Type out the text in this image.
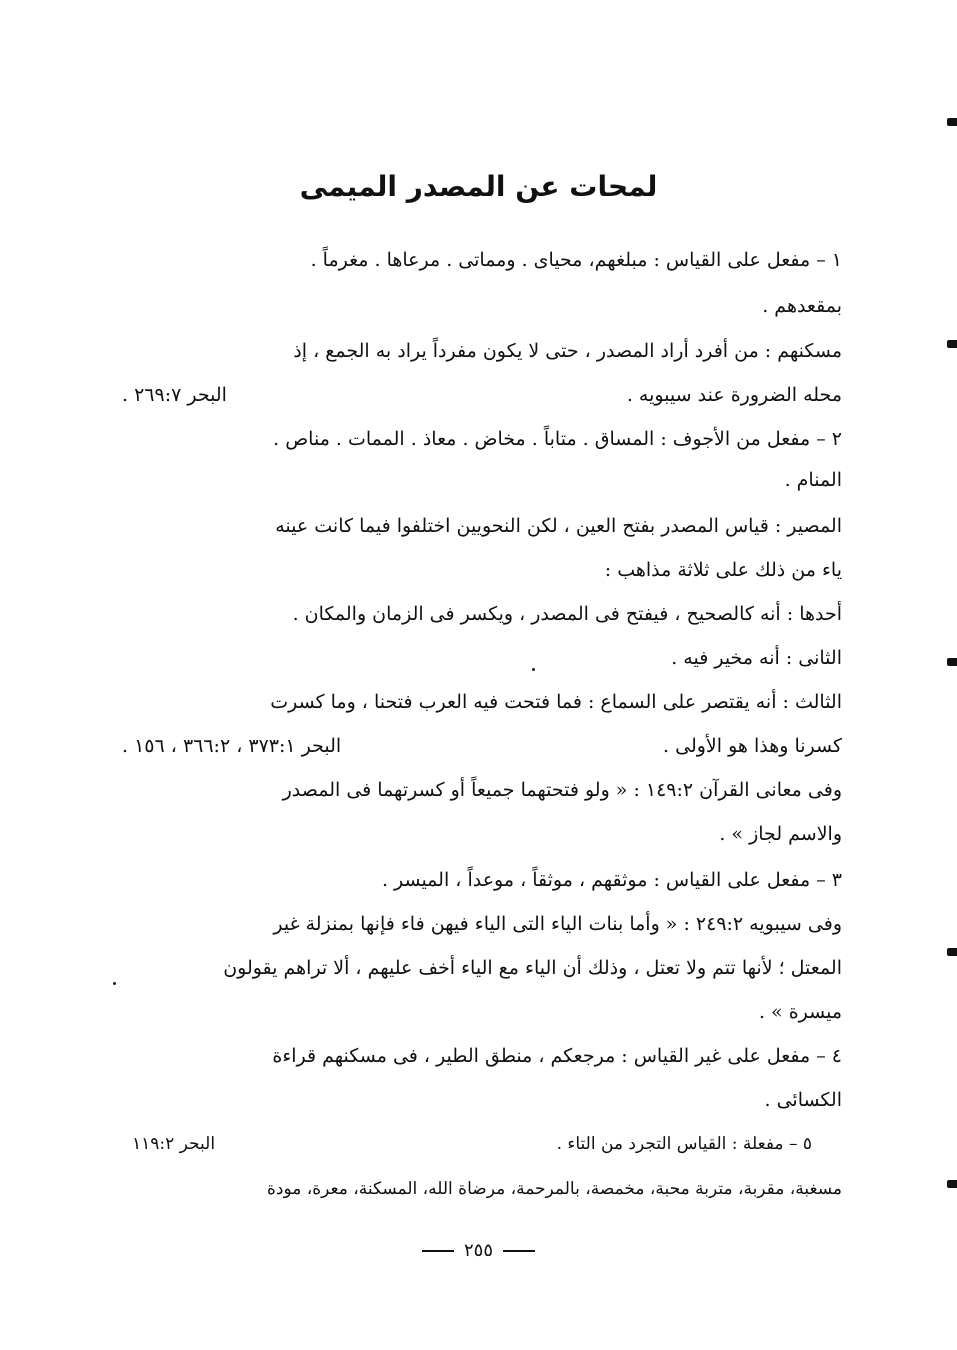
لمحات عن المصدر الميمى
١ – مفعل على القياس : مبلغهم، محياى . ومماتى . مرعاها . مغرماً .
بمقعدهم .
مسكنهم : من أفرد أراد المصدر ، حتى لا يكون مفرداً يراد به الجمع ، إذ
محله الضرورة عند سيبويه .
البحر ٢٦٩:٧ .
٢ – مفعل من الأجوف : المساق . متاباً . مخاض . معاذ . الممات . مناص .
المنام .
المصير : قياس المصدر بفتح العين ، لكن النحويين اختلفوا فيما كانت عينه
ياء من ذلك على ثلاثة مذاهب :
أحدها : أنه كالصحيح ، فيفتح فى المصدر ، ويكسر فى الزمان والمكان .
الثانى : أنه مخير فيه .
الثالث : أنه يقتصر على السماع : فما فتحت فيه العرب فتحنا ، وما كسرت
كسرنا وهذا هو الأولى .
البحر ٣٧٣:١ ، ٣٦٦:٢ ، ١٥٦ .
وفى معانى القرآن ١٤٩:٢ : « ولو فتحتهما جميعاً أو كسرتهما فى المصدر
والاسم لجاز » .
٣ – مفعل على القياس : موثقهم ، موثقاً ، موعداً ، الميسر .
وفى سيبويه ٢٤٩:٢ : « وأما بنات الياء التى الياء فيهن فاء فإنها بمنزلة غير
المعتل ؛ لأنها تتم ولا تعتل ، وذلك أن الياء مع الياء أخف عليهم ، ألا تراهم يقولون
ميسرة » .
٤ – مفعل على غير القياس : مرجعكم ، منطق الطير ، فى مسكنهم قراءة
الكسائى .
٥ – مفعلة : القياس التجرد من التاء .
البحر ١١٩:٢
مسغبة، مقربة، متربة محبة، مخمصة، بالمرحمة، مرضاة الله، المسكنة، معرة، مودة
٢٥٥
